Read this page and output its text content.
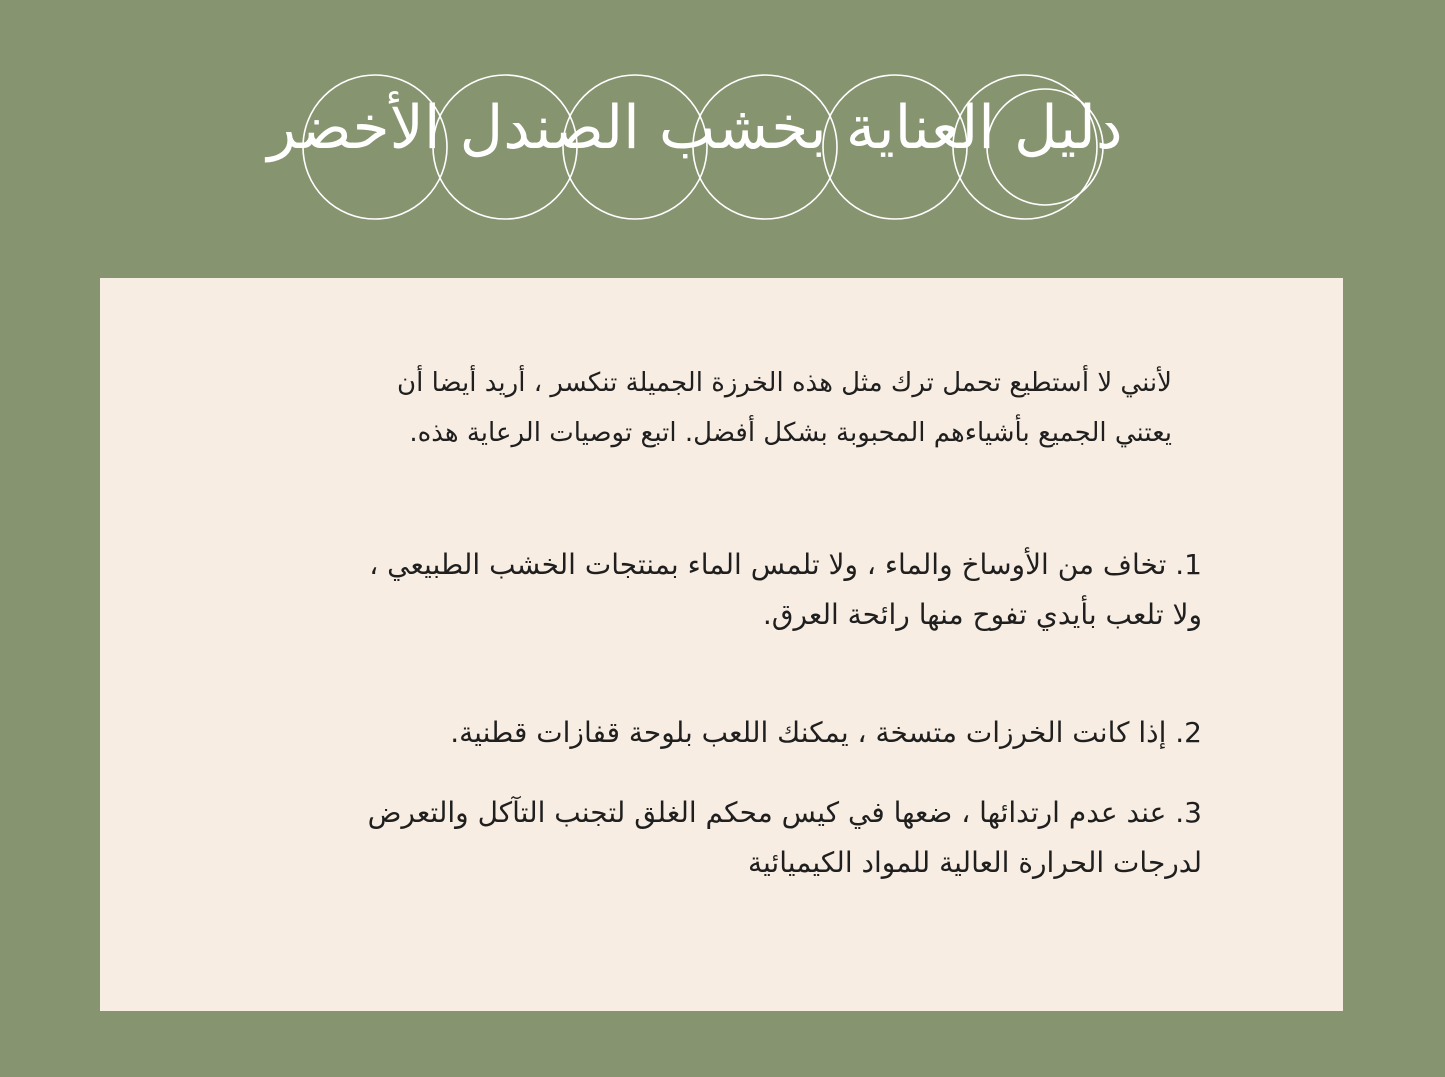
دليل العناية بخشب الصندل الأخضر

لأنني لا أستطيع تحمل ترك مثل هذه الخرزة الجميلة تنكسر ، أريد أيضا أن
يعتني الجميع بأشياءهم المحبوبة بشكل أفضل. اتبع توصيات الرعاية هذه.

1. تخاف من الأوساخ والماء ، ولا تلمس الماء بمنتجات الخشب الطبيعي ،
ولا تلعب بأيدي تفوح منها رائحة العرق.
2. إذا كانت الخرزات متسخة ، يمكنك اللعب بلوحة قفازات قطنية.
3. عند عدم ارتدائها ، ضعها في كيس محكم الغلق لتجنب التآكل والتعرض
لدرجات الحرارة العالية للمواد الكيميائية
